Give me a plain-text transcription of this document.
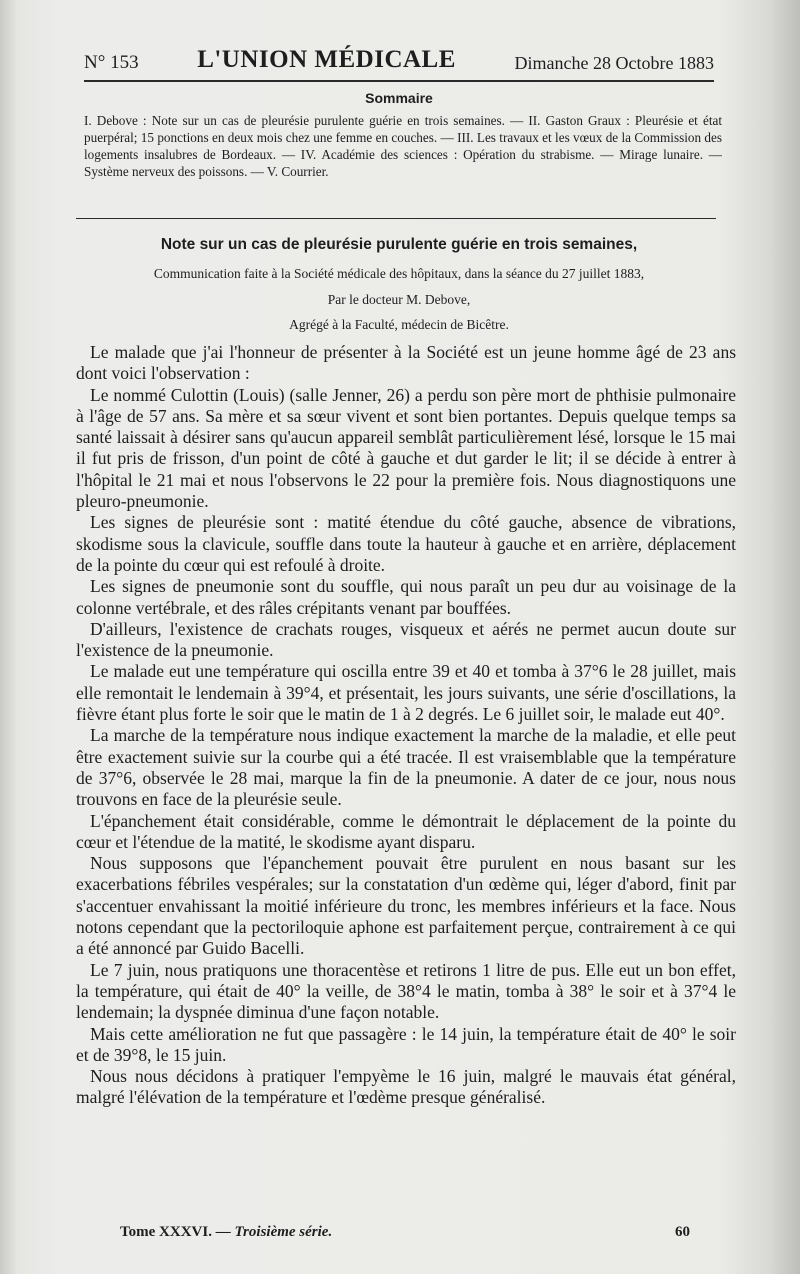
N° 153 L'UNION MÉDICALE	Dimanche 28 Octobre 1883
Sommaire
I. Debove : Note sur un cas de pleurésie purulente guérie en trois semaines. — II. Gaston Graux : Pleurésie et état puerpéral; 15 ponctions en deux mois chez une femme en couches. — III. Les travaux et les vœux de la Commission des logements insalubres de Bordeaux. — IV. Académie des sciences : Opération du strabisme. — Mirage lunaire. — Système nerveux des poissons. — V. Courrier.
Note sur un cas de pleurésie purulente guérie en trois semaines,
Communication faite à la Société médicale des hôpitaux, dans la séance du 27 juillet 1883,
Par le docteur M. Debove,
Agrégé à la Faculté, médecin de Bicêtre.

Le malade que j'ai l'honneur de présenter à la Société est un jeune homme âgé de 23 ans dont voici l'observation :

Le nommé Culottin (Louis) (salle Jenner, 26) a perdu son père mort de phthisie pulmonaire à l'âge de 57 ans. Sa mère et sa sœur vivent et sont bien portantes. Depuis quelque temps sa santé laissait à désirer sans qu'aucun appareil semblât particulièrement lésé, lorsque le 15 mai il fut pris de frisson, d'un point de côté à gauche et dut garder le lit; il se décide à entrer à l'hôpital le 21 mai et nous l'observons le 22 pour la première fois. Nous diagnostiquons une pleuro-pneumonie.

Les signes de pleurésie sont : matité étendue du côté gauche, absence de vibrations, skodisme sous la clavicule, souffle dans toute la hauteur à gauche et en arrière, déplacement de la pointe du cœur qui est refoulé à droite.

Les signes de pneumonie sont du souffle, qui nous paraît un peu dur au voisinage de la colonne vertébrale, et des râles crépitants venant par bouffées.

D'ailleurs, l'existence de crachats rouges, visqueux et aérés ne permet aucun doute sur l'existence de la pneumonie.

Le malade eut une température qui oscilla entre 39 et 40 et tomba à 37°6 le 28 juillet, mais elle remontait le lendemain à 39°4, et présentait, les jours suivants, une série d'oscillations, la fièvre étant plus forte le soir que le matin de 1 à 2 degrés. Le 6 juillet soir, le malade eut 40°.

La marche de la température nous indique exactement la marche de la maladie, et elle peut être exactement suivie sur la courbe qui a été tracée. Il est vraisemblable que la température de 37°6, observée le 28 mai, marque la fin de la pneumonie. A dater de ce jour, nous nous trouvons en face de la pleurésie seule.

L'épanchement était considérable, comme le démontrait le déplacement de la pointe du cœur et l'étendue de la matité, le skodisme ayant disparu.

Nous supposons que l'épanchement pouvait être purulent en nous basant sur les exacerbations fébriles vespérales; sur la constatation d'un œdème qui, léger d'abord, finit par s'accentuer envahissant la moitié inférieure du tronc, les membres inférieurs et la face. Nous notons cependant que la pectoriloquie aphone est parfaitement perçue, contrairement à ce qui a été annoncé par Guido Bacelli.

Le 7 juin, nous pratiquons une thoracentèse et retirons 1 litre de pus. Elle eut un bon effet, la température, qui était de 40° la veille, de 38°4 le matin, tomba à 38° le soir et à 37°4 le lendemain; la dyspnée diminua d'une façon notable.

Mais cette amélioration ne fut que passagère : le 14 juin, la température était de 40° le soir et de 39°8, le 15 juin.

Nous nous décidons à pratiquer l'empyème le 16 juin, malgré le mauvais état général, malgré l'élévation de la température et l'œdème presque généralisé.

Tome XXXVI. — Troisième série.	60
